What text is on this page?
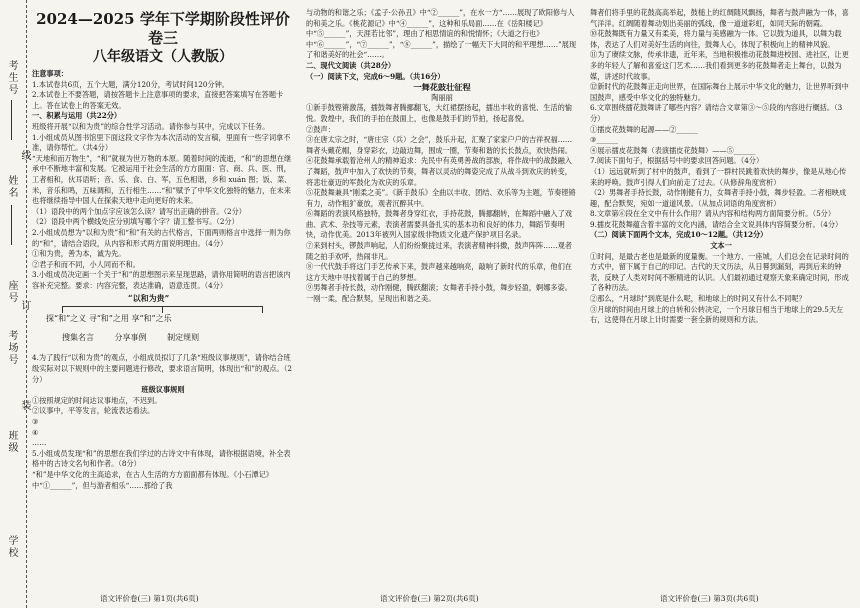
考生号
姓名
座号
考场号
班级
学校
线
订
装
2024—2025 学年下学期阶段性评价卷三
八年级语文（人教版）

注意事项：

1.本试卷共6页，五个大题，满分120分，考试时间120分钟。

2.本试卷上不要答题，请按答题卡上注意事项的要求，直接把答案填写在答题卡上。答在试卷上的答案无效。

一、积累与运用（共22分）

班级将开展“以和为贵”的综合性学习活动。请你参与其中，完成以下任务。

1.小组成员从图书馆里下面这段文字作为本次活动的发言稿，里面有一些字词拿不准，请你帮忙。（共4分）

“天地和而万物生”，“和”就视为世万物的本原。随着时间的流逝，“和”的思想在继承中不断地丰富和发展。它被运用于社会生活的方方面面：官、商、兵、医、刑，工者相和，伙耳语听；音、乐、食、白、军，五色相谐，乡和 xuán 图；饭、菜、米，音乐和鸣，五味调和，五行相生……“和”赋予了中华文化独特的魅力，在未来也将继续指导中国人在探索天地中走向更好的未来。

（1）语段中的两个加点字应该怎么读？请写出正确的拼音。（2分）

（2）语段中两个横线处应分别填写哪个字？请工整书写。（2分）

2.小组成员想为“以和为贵”和“和”有关的古代格言，下面两则格言中选择一则为你的“和”，请结合语段，从内容和形式两方面说明理由。（4分）

①和为贵，善为本，诚为先。

②君子和而不同，小人同而不和。

3.小组成员决定画一个关于“和”的思想图示来呈现思路，请你用简明的语言把该内容补充完整。要求：内容完整，表达准确，语意连贯。（4分）

“以和为贵”
探“和”之义 寻“和”之用 享“和”之乐
搜集名言	分享事例	制定规则

4.为了践行“以和为贵”的观点，小组成员拟订了几条“班级议事规则”，请你结合班级实际对以下规则中的主要问题进行修改，要求语言简明，体现出“和”的观点。（2分）

班级议事规则

①按照规定的时间达议事地点，不迟到。

②议事中，平等发言，轮流表达看法。

③

④

……

5.小组成员发现“和”的思想在我们学过的古诗文中有体现，请你根据语境，补全表格中的古诗文名句和作者。（8分）

“和”是中华文化的主高追求，在古人生活的方方面面都有体现。《小石潭记》中“①______”，但与游者相乐“……那给了我

与动物的和谐之乐；《孟子·公孙丑》中“②______”，在水一方“……展现了欧阳修与人的和美之乐。《桃花源记》中“④______”，这种和乐局面……在《岳阳楼记》中“⑤______”，天涯若比邻”，理由了相思情谊的和悦情怀；《大道之行也》中“⑥______”，“⑦______”，“⑧______”，描绘了一幅天下大同的和平理想……”展现了和谐美好的社会“……。

二、现代文阅读（共28分）

（一）阅读下文，完成6～9题。（共16分）

一舞花鼓壮征程

陶丽丽

①新手鼓铿锵激荡，擂鼓舞者腾挪翻飞，大红裙摆扬起，擂出丰收的喜悦、生活的愉悦。敦煌中，我们的手拍在鼓面上，也像是鼓手们的节拍，扬起喜悦。

②鼓声：

③在唐太宗之时，“唐庄宗（兵）之会”，鼓乐升起，汇聚了家家户户的吉祥祝福……舞者头戴花帽，身穿彩衣，边敲边舞，围成一圈，节奏和谐的长长鼓点，欢快热闹。

④花鼓舞承载着沧州人的精神追求：先民中有英勇善战的部族，将作战中的战鼓融入了舞蹈，鼓声中加入了欢快的节奏，舞者以灵动的舞姿完成了从战斗到欢庆的转变，将悲壮豪迈的军鼓化为欢庆的乐章。

⑤花鼓舞兼具“刚柔之美”。《新手鼓乐》全曲以丰收、团结、欢乐等为主题，节奏铿锵有力，动作粗犷豪放，观者沉醉其中。

⑥舞蹈的表演风格独特，鼓舞者身穿红衣，手持花鼓，腾挪翻转，在舞蹈中融入了戏曲、武术、杂技等元素，表演者需要具备扎实的基本功和良好的体力，舞蹈节奏明快，动作优美。2013年被列入国家级非物质文化遗产保护项目名录。

⑦来到村头，锣鼓声响起，人们纷纷聚拢过来，表演者精神抖擞，鼓声阵阵……观者随之拍手欢呼，热闹非凡。

⑧一代代鼓手将这门手艺传承下来，鼓声越来越响亮，敲响了新时代的乐章，他们在这方天地中寻找着属于自己的梦想。

⑨男舞者手持长鼓，动作刚健，腾跃翻滚；女舞者手持小鼓，舞步轻盈，婀娜多姿。一刚一柔，配合默契，呈现出和谐之美。

舞者们将手里的花鼓高高举起，鼓槌上的红绸随风飘扬，舞者与鼓声融为一体，喜气洋洋。红绸随着舞动划出美丽的弧线，像一道道彩虹，如同天际的朝霞。

⑩花鼓舞既有力量又有柔美，将力量与美感融为一体。它以鼓为道具，以舞为载体，表达了人们对美好生活的向往，鼓舞人心，体现了积极向上的精神风貌。

⑪为了赓续文脉，传承非遗，近年来，当地积极推动花鼓舞进校园、进社区，让更多的年轻人了解和喜爱这门艺术……我们看到更多的花鼓舞者走上舞台，以鼓为媒，讲述时代故事。

⑫新时代的花鼓舞正走向世界，在国际舞台上展示中华文化的魅力，让世界听到中国鼓声，感受中华文化的独特魅力。

6.文章围绕擂花鼓舞讲了哪些内容？请结合文章第③～⑤段的内容进行概括。（3分）

①擂皮花鼓舞的起源——②______

③______

④展示擂皮花鼓舞（表演擂皮花鼓舞）——⑤______

7.阅读下面句子，根据括号中的要求回答问题。（4分）

（1）远远就听到了村中的鼓声，看到了一群村民跳着欢快的舞步，像是从地心传来的呼唤。鼓声引得人们向前走了过去。（从修辞角度赏析）

（2）男舞者手持长鼓，动作刚健有力，女舞者手持小鼓，舞步轻盈。二者相映成趣，配合默契，宛如一道道风景。（从加点词语的角度赏析）

8.文章第⑥段在全文中有什么作用？请从内容和结构两方面简要分析。（5分）

9.擂皮花鼓舞蕴含着丰富的文化内涵，请结合全文说具体内容简要分析。（4分）

（二）阅读下面两个文本，完成10～12题。（共12分）

文本一

①时间，是最古老也是最新的度量衡。一个地方、一座城，人们总会在记录时间的方式中，留下属于自己的印记。古代的天文历法，从日晷到漏刻，再到后来的钟表，反映了人类对时间不断精进的认识。人们最初通过观察天象来确定时间，形成了各种历法。

②那么，“月球时”到底是什么呢，和地球上的时间又有什么不同呢？

③月球的时间由月球上的自转和公转决定，一个月球日相当于地球上的29.5天左右，这使得在月球上计时需要一套全新的规则和方法。

语文评价卷(三) 第1页(共6页)	语文评价卷(三) 第2页(共6页)	语文评价卷(三) 第3页(共6页)
